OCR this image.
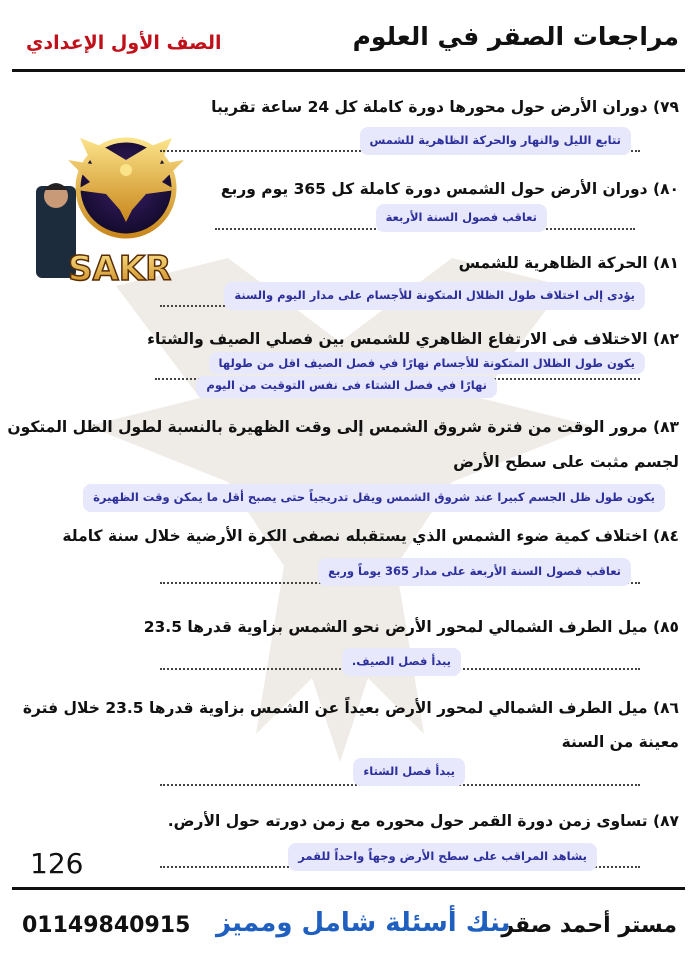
مراجعات الصقر في العلوم
الصف الأول الإعدادي
SAKR
٧٩) دوران الأرض حول محورها دورة كاملة كل 24 ساعة تقريبا
تتابع الليل والنهار والحركة الظاهرية للشمس
٨٠) دوران الأرض حول الشمس دورة كاملة كل 365 يوم وربع
تعاقب فصول السنة الأربعة
٨١) الحركة الظاهرية للشمس
يؤدى إلى اختلاف طول الظلال المتكونة للأجسام على مدار اليوم والسنة
٨٢) الاختلاف فى الارتفاع الظاهري للشمس بين فصلي الصيف والشتاء
يكون طول الظلال المتكونة للأجسام نهارًا في فصل الصيف اقل من طولها
نهارًا في فصل الشتاء فى نفس التوقيت من اليوم
٨٣) مرور الوقت من فترة شروق الشمس إلى وقت الظهيرة بالنسبة لطول الظل المتكون
لجسم مثبت على سطح الأرض
يكون طول ظل الجسم كبيرا عند شروق الشمس ويقل تدريجياً حتى يصبح أقل ما يمكن وقت الظهيرة
٨٤) اختلاف كمية ضوء الشمس الذي يستقبله نصفى الكرة الأرضية خلال سنة كاملة
تعاقب فصول السنة الأربعة على مدار 365 يوماً وربع
٨٥) ميل الطرف الشمالي لمحور الأرض نحو الشمس بزاوية قدرها 23.5
يبدأ فصل الصيف.
٨٦) ميل الطرف الشمالي لمحور الأرض بعيداً عن الشمس بزاوية قدرها 23.5 خلال فترة
معينة من السنة
يبدأ فصل الشتاء
٨٧) تساوى زمن دورة القمر حول محوره مع زمن دورته حول الأرض.
يشاهد المراقب على سطح الأرض وجهاً واحداً للقمر
126
01149840915 بنك أسئلة شامل ومميز
مستر أحمد صقر
